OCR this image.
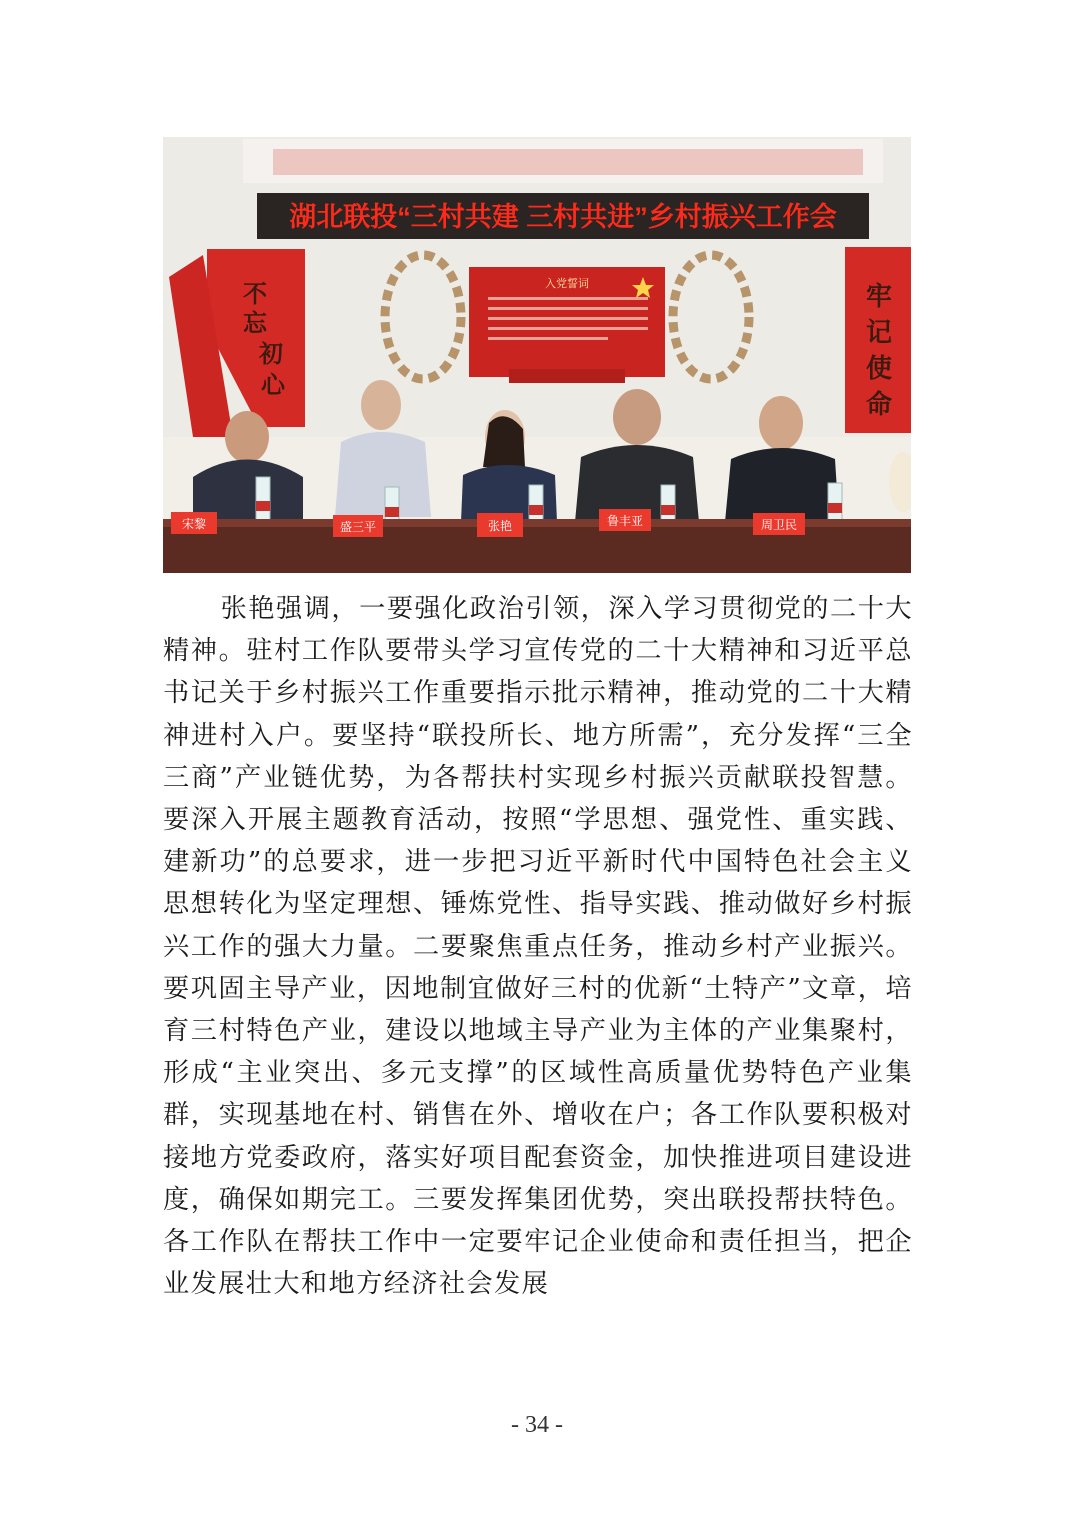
湖北联投“三村共建 三村共进”乡村振兴工作会
不
忘
初
心
牢
记
使
命
入党誓词
宋黎	盛三平	张艳	鲁丰亚	周卫民

张艳强调，一要强化政治引领，深入学习贯彻党的二十大精神。驻村工作队要带头学习宣传党的二十大精神和习近平总书记关于乡村振兴工作重要指示批示精神，推动党的二十大精神进村入户。要坚持“联投所长、地方所需”，充分发挥“三全三商”产业链优势，为各帮扶村实现乡村振兴贡献联投智慧。要深入开展主题教育活动，按照“学思想、强党性、重实践、建新功”的总要求，进一步把习近平新时代中国特色社会主义思想转化为坚定理想、锤炼党性、指导实践、推动做好乡村振兴工作的强大力量。二要聚焦重点任务，推动乡村产业振兴。要巩固主导产业，因地制宜做好三村的优新“土特产”文章，培育三村特色产业，建设以地域主导产业为主体的产业集聚村，形成“主业突出、多元支撑”的区域性高质量优势特色产业集群，实现基地在村、销售在外、增收在户；各工作队要积极对接地方党委政府，落实好项目配套资金，加快推进项目建设进度，确保如期完工。三要发挥集团优势，突出联投帮扶特色。各工作队在帮扶工作中一定要牢记企业使命和责任担当，把企业发展壮大和地方经济社会发展

- 34 -
